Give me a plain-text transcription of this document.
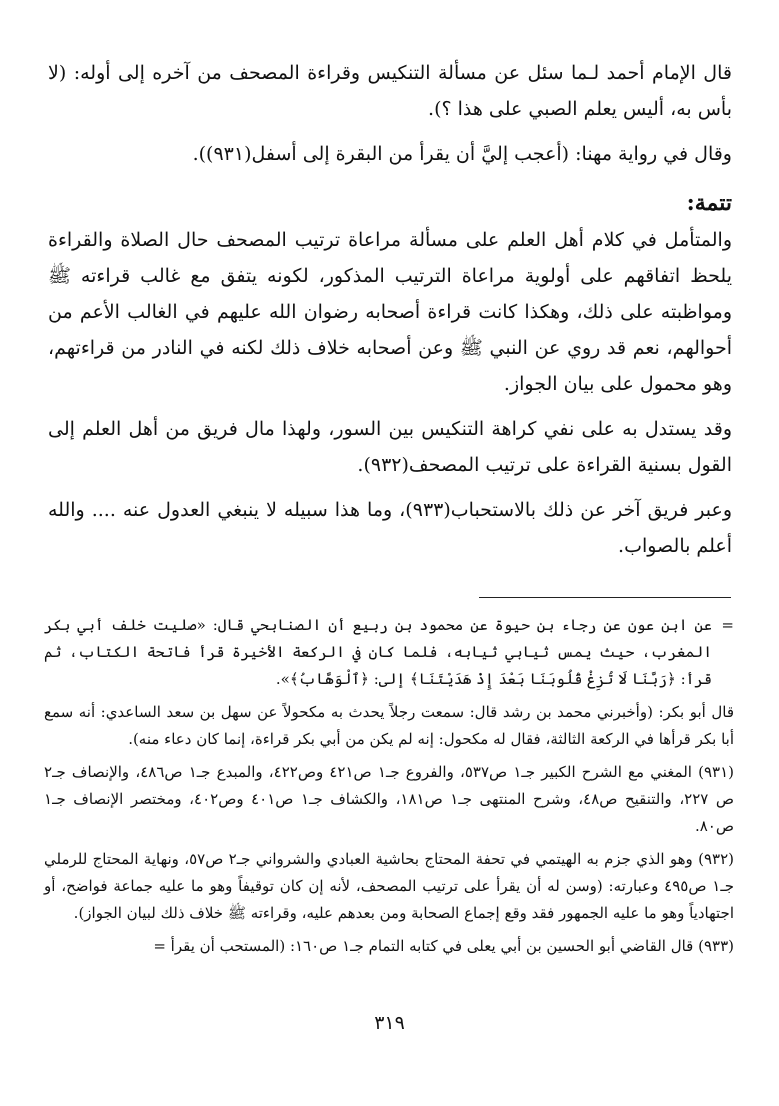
قال الإمام أحمد لـما سئل عن مسألة التنكيس وقراءة المصحف من آخره إلى أوله: (لا بأس به، أليس يعلم الصبي على هذا ؟).

وقال في رواية مهنا: (أعجب إليَّ أن يقرأ من البقرة إلى أسفل(٩٣١)).

تتمة:

والمتأمل في كلام أهل العلم على مسألة مراعاة ترتيب المصحف حال الصلاة والقراءة يلحظ اتفاقهم على أولوية مراعاة الترتيب المذكور، لكونه يتفق مع غالب قراءته ﷺ ومواظبته على ذلك، وهكذا كانت قراءة أصحابه رضوان الله عليهم في الغالب الأعم من أحوالهم، نعم قد روي عن النبي ﷺ وعن أصحابه خلاف ذلك لكنه في النادر من قراءتهم، وهو محمول على بيان الجواز.

وقد يستدل به على نفي كراهة التنكيس بين السور، ولهذا مال فريق من أهل العلم إلى القول بسنية القراءة على ترتيب المصحف(٩٣٢).

وعبر فريق آخر عن ذلك بالاستحباب(٩٣٣)، وما هذا سبيله لا ينبغي العدول عنه .... والله أعلم بالصواب.

=
عن ابن عون عن رجاء بن حيوة عن محمود بن ربيع أن الصنابحي قال: «صليت خلف أبي بكر المغرب، حيث يمس ثيابي ثيابه، فلما كان في الركعة الأخيرة قرأ فاتحة الكتاب، ثم قرأ: ﴿رَبَّنَا لَا تُزِغْ قُلُوبَنَا بَعْدَ إِذْ هَدَيْتَنَا﴾ إلى: ﴿ٱلْوَهَّابُ﴾».
قال أبو بكر: (وأخبرني محمد بن رشد قال: سمعت رجلاً يحدث به مكحولاً عن سهل بن سعد الساعدي: أنه سمع أبا بكر قرأها في الركعة الثالثة، فقال له مكحول: إنه لم يكن من أبي بكر قراءة، إنما كان دعاء منه).
(٩٣١) المغني مع الشرح الكبير جـ١ ص٥٣٧، والفروع جـ١ ص٤٢١ وص٤٢٢، والمبدع جـ١ ص٤٨٦، والإنصاف جـ٢ ص ٢٢٧، والتنقيح ص٤٨، وشرح المنتهى جـ١ ص١٨١، والكشاف جـ١ ص٤٠١ وص٤٠٢، ومختصر الإنصاف جـ١ ص٨٠.
(٩٣٢) وهو الذي جزم به الهيتمي في تحفة المحتاج بحاشية العبادي والشرواني جـ٢ ص٥٧، ونهاية المحتاج للرملي جـ١ ص٤٩٥ وعبارته: (وسن له أن يقرأ على ترتيب المصحف، لأنه إن كان توقيفاً وهو ما عليه جماعة فواضح، أو اجتهادياً وهو ما عليه الجمهور فقد وقع إجماع الصحابة ومن بعدهم عليه، وقراءته ﷺ خلاف ذلك لبيان الجواز).
(٩٣٣) قال القاضي أبو الحسين بن أبي يعلى في كتابه التمام جـ١ ص١٦٠: (المستحب أن يقرأ =
٣١٩
